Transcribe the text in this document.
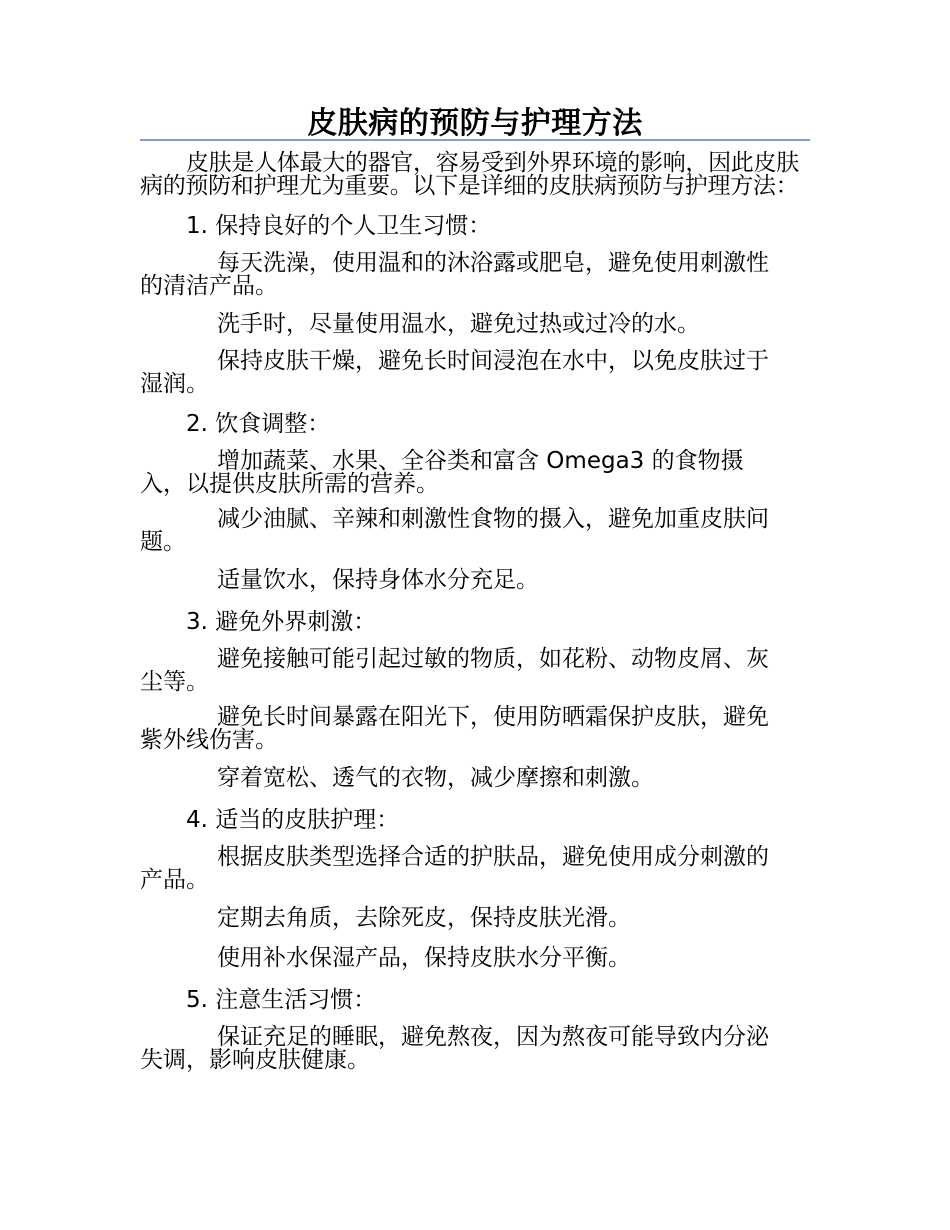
皮肤病的预防与护理方法

皮肤是人体最大的器官，容易受到外界环境的影响，因此皮肤病的预防和护理尤为重要。以下是详细的皮肤病预防与护理方法：

1. 保持良好的个人卫生习惯：

每天洗澡，使用温和的沐浴露或肥皂，避免使用刺激性的清洁产品。

洗手时，尽量使用温水，避免过热或过冷的水。

保持皮肤干燥，避免长时间浸泡在水中，以免皮肤过于湿润。

2. 饮食调整：

增加蔬菜、水果、全谷类和富含 Omega3 的食物摄入，以提供皮肤所需的营养。

减少油腻、辛辣和刺激性食物的摄入，避免加重皮肤问题。

适量饮水，保持身体水分充足。

3. 避免外界刺激：

避免接触可能引起过敏的物质，如花粉、动物皮屑、灰尘等。

避免长时间暴露在阳光下，使用防晒霜保护皮肤，避免紫外线伤害。

穿着宽松、透气的衣物，减少摩擦和刺激。

4. 适当的皮肤护理：

根据皮肤类型选择合适的护肤品，避免使用成分刺激的产品。

定期去角质，去除死皮，保持皮肤光滑。

使用补水保湿产品，保持皮肤水分平衡。

5. 注意生活习惯：

保证充足的睡眠，避免熬夜，因为熬夜可能导致内分泌失调，影响皮肤健康。
